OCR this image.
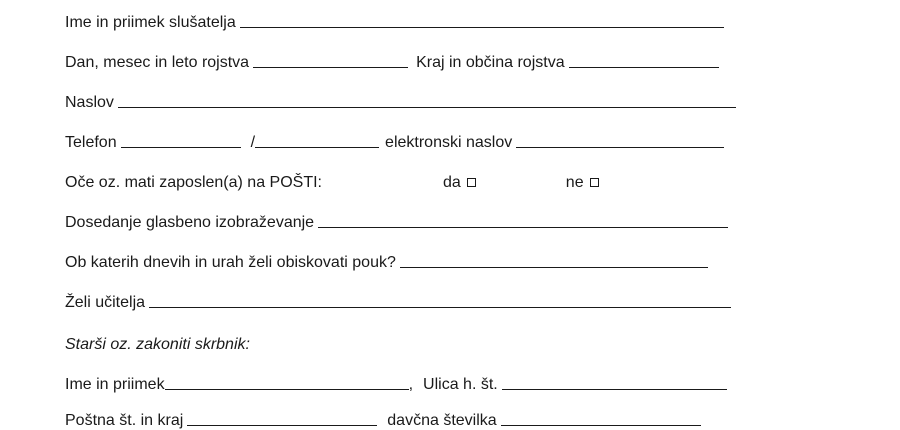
Ime in priimek slušatelja
Dan, mesec in leto rojstva	Kraj in občina rojstva
Naslov
Telefon	/	elektronski naslov
Oče oz. mati zaposlen(a) na POŠTI:	da	ne
Dosedanje glasbeno izobraževanje
Ob katerih dnevih in urah želi obiskovati pouk?
Želi učitelja
Starši oz. zakoniti skrbnik:
Ime in priimek	, Ulica h. št.
Poštna št. in kraj	davčna številka
